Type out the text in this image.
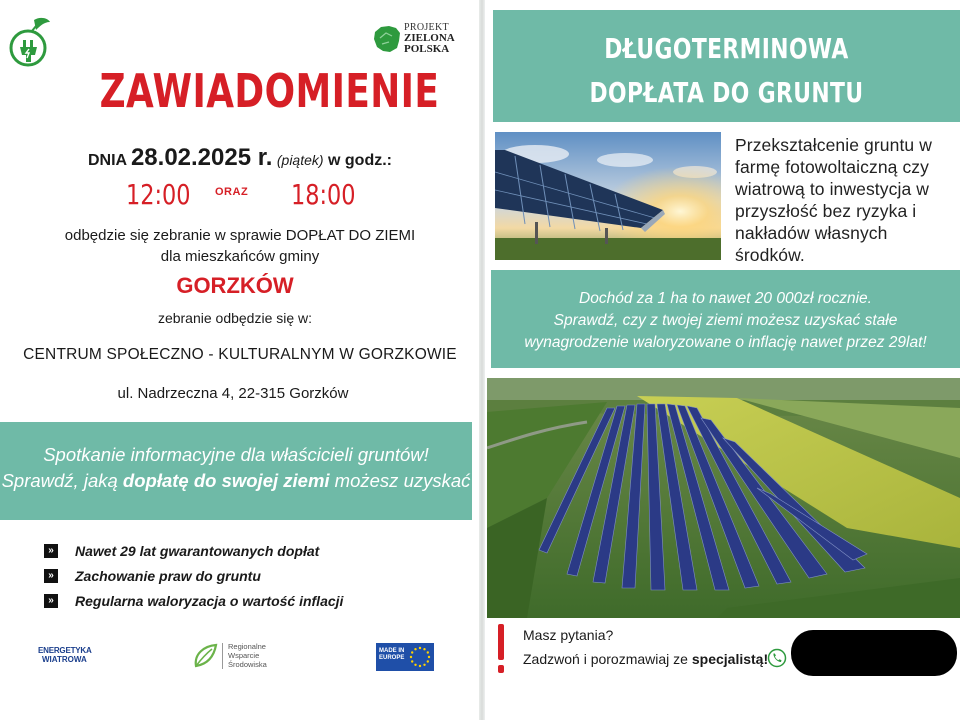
PROJEKT
ZIELONA
POLSKA
ZAWIADOMIENIE
DNIA 28.02.2025 r. (piątek) w godz.:
12:00 ORAZ 18:00
odbędzie się zebranie w sprawie DOPŁAT DO ZIEMI
dla mieszkańców gminy
GORZKÓW
zebranie odbędzie się w:
CENTRUM SPOŁECZNO - KULTURALNYM W GORZKOWIE
ul. Nadrzeczna 4, 22-315 Gorzków
Spotkanie informacyjne dla właścicieli gruntów!
Sprawdź, jaką dopłatę do swojej ziemi możesz uzyskać
»	Nawet 29 lat gwarantowanych dopłat
»	Zachowanie praw do gruntu
»	Regularna waloryzacja o wartość inflacji
ENERGETYKA
WIATROWA
Regionalne
Wsparcie
Środowiska
MADE IN
EUROPE
DŁUGOTERMINOWA
DOPŁATA DO GRUNTU
Przekształcenie gruntu w farmę fotowoltaiczną czy wiatrową to inwestycja w przyszłość bez ryzyka i nakładów własnych środków.
Dochód za 1 ha to nawet 20 000zł rocznie.
Sprawdź, czy z twojej ziemi możesz uzyskać stałe
wynagrodzenie waloryzowane o inflację nawet przez 29lat!
Masz pytania?
Zadzwoń i porozmawiaj ze specjalistą!
